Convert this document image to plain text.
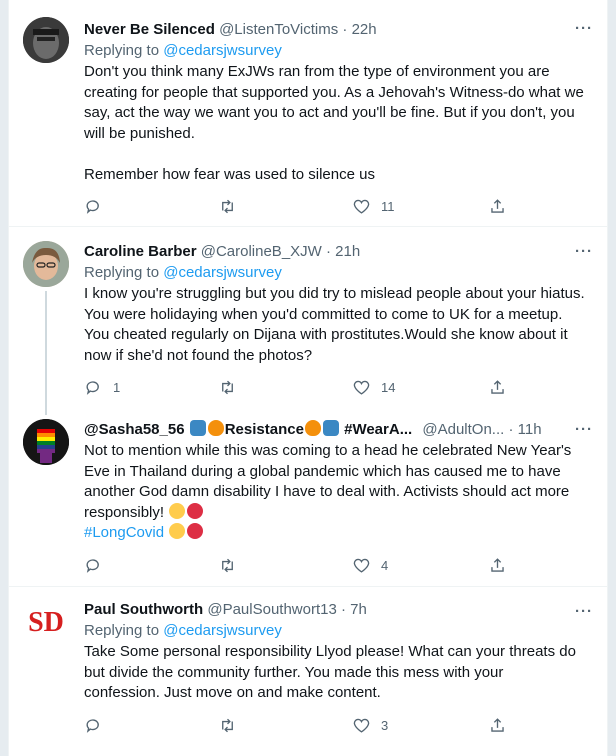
···
Never Be Silenced @ListenToVictims · 22h
Replying to @cedarsjwsurvey
Don't you think many ExJWs ran from the type of environment you are
creating for people that supported you. As a Jehovah's Witness-do what we
say, act the way we want you to act and you'll be fine. But if you don't, you
will be punished.
Remember how fear was used to silence us
11
···
Caroline Barber @CarolineB_XJW · 21h
Replying to @cedarsjwsurvey
I know you're struggling but you did try to mislead people about your hiatus.
You were holidaying when you'd committed to come to UK for a meetup.
You cheated regularly on Dijana with prostitutes.Would she know about it
now if she'd not found the photos?
1	14
···
@Sasha58_56	Resistance	#WearA... @AdultOn... · 11h
Not to mention while this was coming to a head he celebrated New Year's
Eve in Thailand during a global pandemic which has caused me to have
another God damn disability I have to deal with. Activists should act more
responsibly!
#LongCovid
4
SD	···
Paul Southworth @PaulSouthwort13 · 7h
Replying to @cedarsjwsurvey
Take Some personal responsibility Llyod please! What can your threats do
but divide the community further. You made this mess with your
confession. Just move on and make content.
3
